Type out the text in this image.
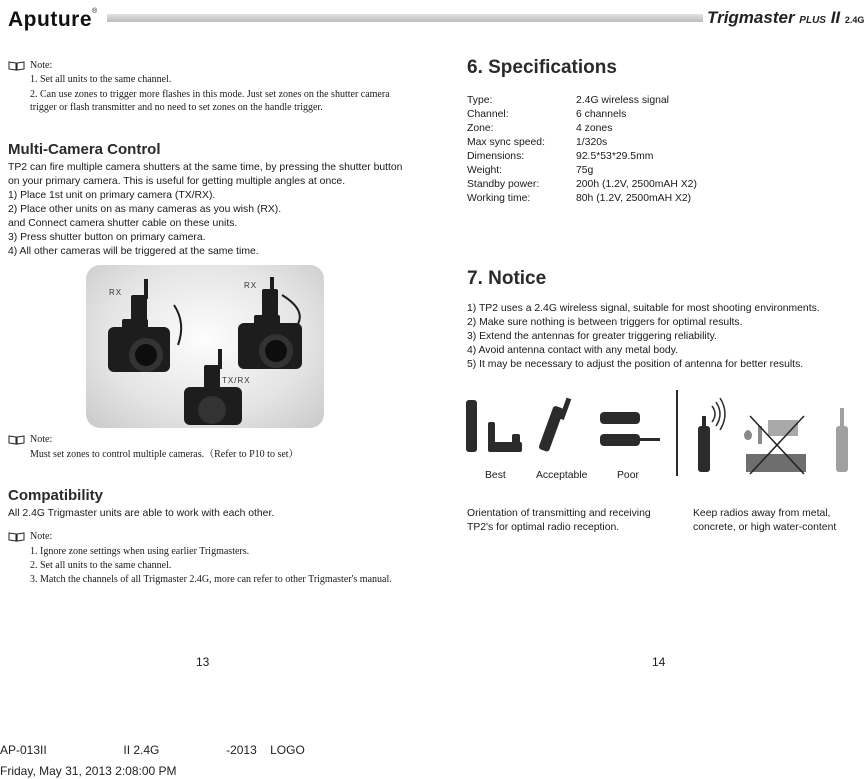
Aputure®	Trigmaster PLUS II 2.4G
Note:
1. Set all units to the same channel.
2. Can use zones to trigger more flashes in this mode. Just set zones on the shutter camera
trigger or flash transmitter and no need to set zones on the handle trigger.
Multi-Camera Control
TP2 can fire multiple camera shutters at the same time, by pressing the shutter button
on your primary camera. This is useful for getting multiple angles at once.
1) Place 1st unit on primary camera (TX/RX).
2) Place other units on as many cameras as you wish (RX).
and Connect camera shutter cable on these units.
3) Press shutter button on primary camera.
4) All other cameras will be triggered at the same time.
RX
RX
TX/RX
Note:
Must set zones to control multiple cameras.（Refer to P10 to set）
Compatibility
All 2.4G Trigmaster units are able to work with each other.
Note:
1. Ignore zone settings when using earlier Trigmasters.
2. Set all units to the same channel.
3. Match the channels of all Trigmaster 2.4G, more can refer to other Trigmaster's manual.
13
6. Specifications
Type:	2.4G wireless signal
Channel:	6 channels
Zone:	4 zones
Max sync speed:	1/320s
Dimensions:	92.5*53*29.5mm
Weight:	75g
Standby power:	200h (1.2V, 2500mAH X2)
Working time:	80h (1.2V, 2500mAH X2)
7. Notice
1) TP2 uses a 2.4G wireless signal, suitable for most shooting environments.
2) Make sure nothing is between triggers for optimal results.
3) Extend the antennas for greater triggering reliability.
4) Avoid antenna contact with any metal body.
5) It may be necessary to adjust the position of antenna for better results.
Best	Acceptable	Poor
Orientation of transmitting and receiving
TP2's for optimal radio reception.
Keep radios away from metal,
concrete, or high water-content
14
AP-013II                       II 2.4G                    -2013    LOGO
Friday, May 31, 2013 2:08:00 PM
